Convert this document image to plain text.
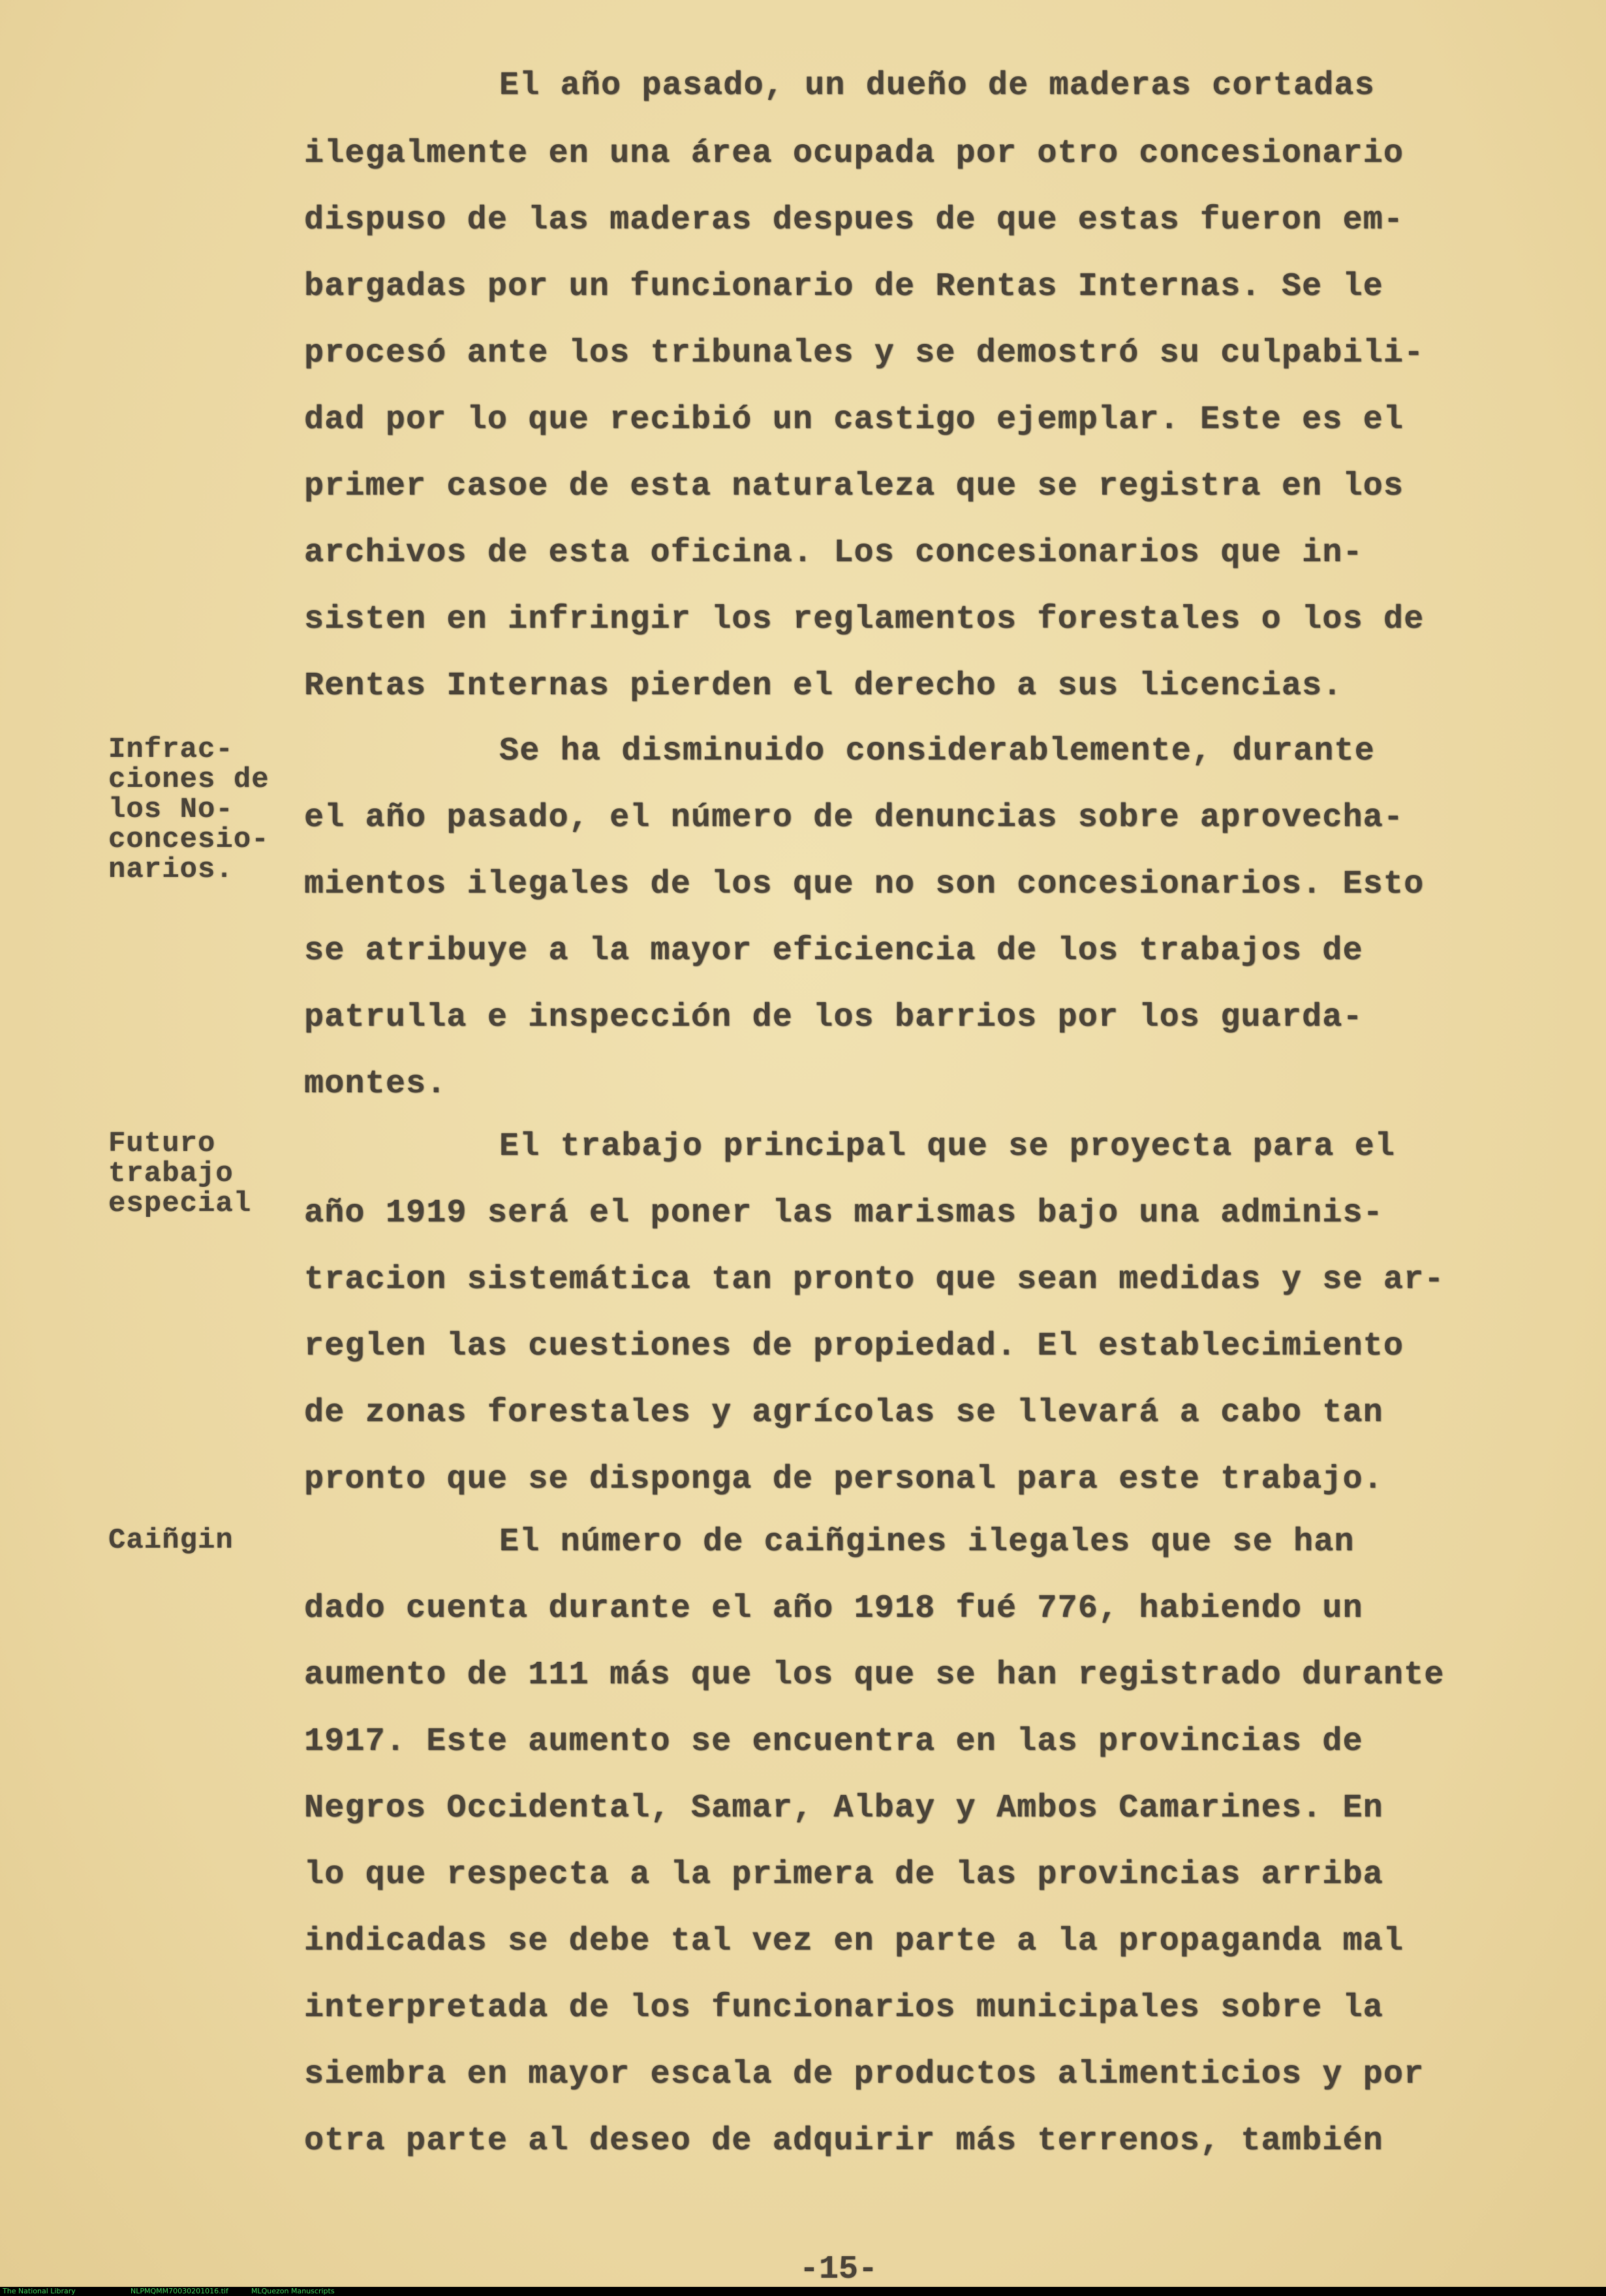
El año pasado, un dueño de maderas cortadas
ilegalmente en una área ocupada por otro concesionario
dispuso de las maderas despues de que estas fueron em-
bargadas por un funcionario de Rentas Internas. Se le
procesó ante los tribunales y se demostró su culpabili-
dad por lo que recibió un castigo ejemplar. Este es el
primer casoe de esta naturaleza que se registra en los
archivos de esta oficina. Los concesionarios que in-
sisten en infringir los reglamentos forestales o los de
Rentas Internas pierden el derecho a sus licencias.
Infrac-
ciones de
los No-
concesio-
narios.
Se ha disminuido considerablemente, durante
el año pasado, el número de denuncias sobre aprovecha-
mientos ilegales de los que no son concesionarios. Esto
se atribuye a la mayor eficiencia de los trabajos de
patrulla e inspección de los barrios por los guarda-
montes.
Futuro
trabajo
especial
El trabajo principal que se proyecta para el
año 1919 será el poner las marismas bajo una adminis-
tracion sistemática tan pronto que sean medidas y se ar-
reglen las cuestiones de propiedad. El establecimiento
de zonas forestales y agrícolas se llevará a cabo tan
pronto que se disponga de personal para este trabajo.
Caiñgin	El número de caiñgines ilegales que se han
dado cuenta durante el año 1918 fué 776, habiendo un
aumento de 111 más que los que se han registrado durante
1917. Este aumento se encuentra en las provincias de
Negros Occidental, Samar, Albay y Ambos Camarines. En
lo que respecta a la primera de las provincias arriba
indicadas se debe tal vez en parte a la propaganda mal
interpretada de los funcionarios municipales sobre la
siembra en mayor escala de productos alimenticios y por
otra parte al deseo de adquirir más terrenos, también
-15-
The National Library	NLPMQMM70030201016.tif	MLQuezon Manuscripts
